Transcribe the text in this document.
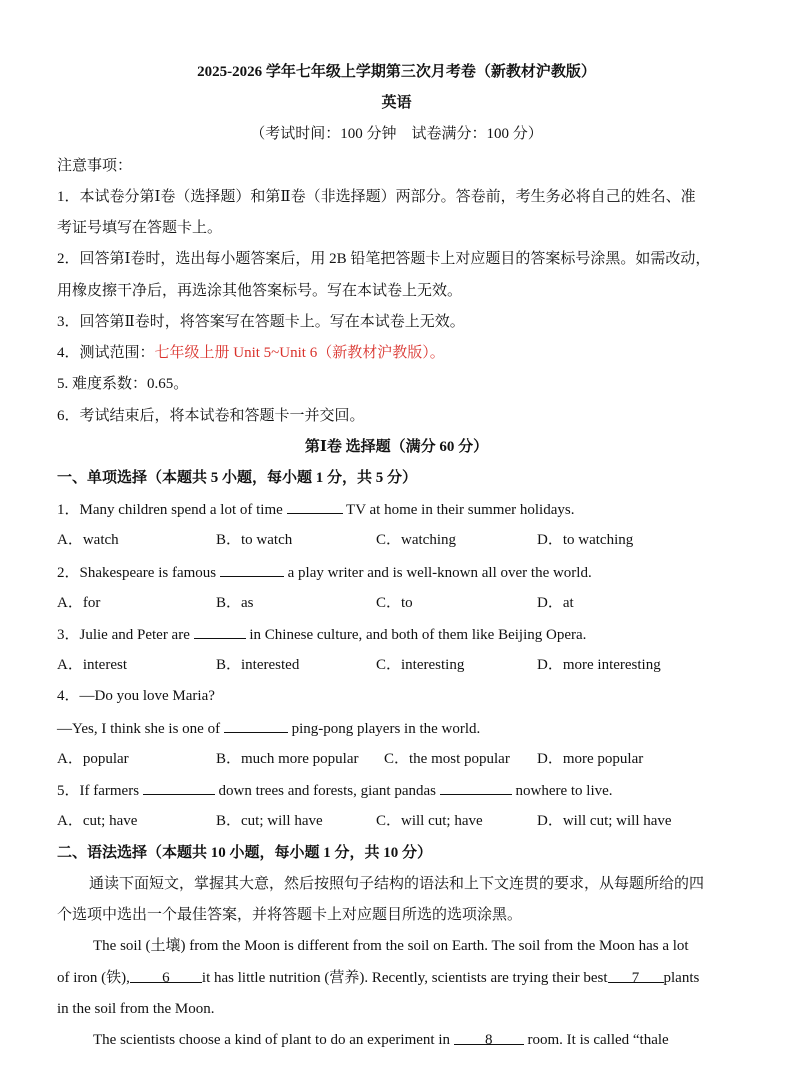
2025-2026 学年七年级上学期第三次月考卷（新教材沪教版）
英语
（考试时间：100 分钟　试卷满分：100 分）
注意事项：
1．本试卷分第Ⅰ卷（选择题）和第Ⅱ卷（非选择题）两部分。答卷前，考生务必将自己的姓名、准
考证号填写在答题卡上。
2．回答第Ⅰ卷时，选出每小题答案后，用 2B 铅笔把答题卡上对应题目的答案标号涂黑。如需改动，
用橡皮擦干净后，再选涂其他答案标号。写在本试卷上无效。
3．回答第Ⅱ卷时，将答案写在答题卡上。写在本试卷上无效。
4．测试范围：七年级上册 Unit 5~Unit 6（新教材沪教版）。
5. 难度系数：0.65。
6．考试结束后，将本试卷和答题卡一并交回。
第Ⅰ卷 选择题（满分 60 分）
一、单项选择（本题共 5 小题，每小题 1 分，共 5 分）
1．Many children spend a lot of time	TV at home in their summer holidays.
A．watch	B．to watch	C．watching	D．to watching
2．Shakespeare is famous	a play writer and is well-known all over the world.
A．for	B．as	C．to	D．at
3．Julie and Peter are	in Chinese culture, and both of them like Beijing Opera.
A．interest	B．interested	C．interesting	D．more interesting
4．—Do you love Maria?
—Yes, I think she is one of	ping-pong players in the world.
A．popular	B．much more popular C．the most popular D．more popular
5．If farmers	down trees and forests, giant pandas	nowhere to live.
A．cut; have	B．cut; will have	C．will cut; have	D．will cut; will have
二、语法选择（本题共 10 小题，每小题 1 分，共 10 分）
通读下面短文，掌握其大意，然后按照句子结构的语法和上下文连贯的要求，从每题所给的四
个选项中选出一个最佳答案，并将答题卡上对应题目所选的选项涂黑。
The soil (土壤) from the Moon is different from the soil on Earth. The soil from the Moon has a lot
of iron (铁), 6 it has little nutrition (营养). Recently, scientists are trying their best 7 plants
in the soil from the Moon.
The scientists choose a kind of plant to do an experiment in 8 room. It is called “thale
